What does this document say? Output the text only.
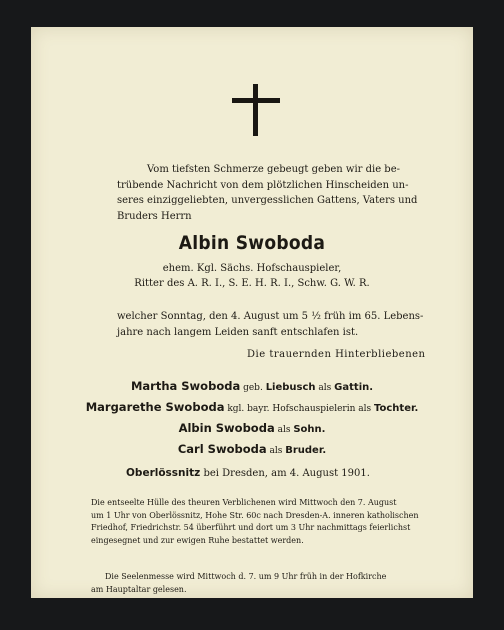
Vom tiefsten Schmerze gebeugt geben wir die be-
trübende Nachricht von dem plötzlichen Hinscheiden un-
seres einziggeliebten, unvergesslichen Gattens, Vaters und
Bruders Herrn
Albin Swoboda
ehem. Kgl. Sächs. Hofschauspieler,
Ritter des A. R. I., S. E. H. R. I., Schw. G. W. R.
welcher Sonntag, den 4. August um 5 ½ früh im 65. Lebens-
jahre nach langem Leiden sanft entschlafen ist.
Die trauernden Hinterbliebenen
Martha Swoboda geb. Liebusch als Gattin.
Margarethe Swoboda kgl. bayr. Hofschauspielerin als Tochter.
Albin Swoboda als Sohn.
Carl Swoboda als Bruder.
Oberlössnitz bei Dresden, am 4. August 1901.
Die entseelte Hülle des theuren Verblichenen wird Mittwoch den 7. August
um 1 Uhr von Oberlössnitz, Hohe Str. 60c nach Dresden-A. inneren katholischen
Friedhof, Friedrichstr. 54 überführt und dort um 3 Uhr nachmittags feierlichst
eingesegnet und zur ewigen Ruhe bestattet werden.
Die Seelenmesse wird Mittwoch d. 7. um 9 Uhr früh in der Hofkirche
am Hauptaltar gelesen.
